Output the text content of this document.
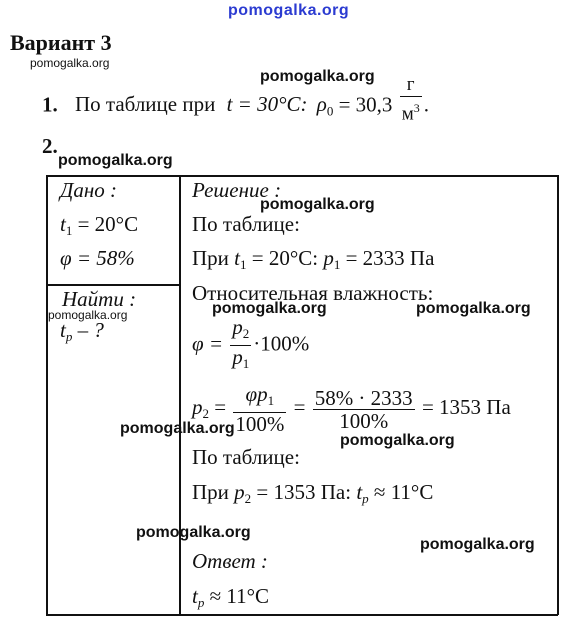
pomogalka.org
Вариант 3
pomogalka.org
pomogalka.org
1. По таблице при t = 30°C: $\rho_0 = 30,3 \frac{г}{м^3}$ .
2.
pomogalka.org
Дано :
$t_1 = 20^\circ C$
φ = 58%
Найти :
pomogalka.org
$t_р$ – ?
Решение :
pomogalka.org
По таблице:
При $t_1 = 20^\circ C$: $p_1 = 2333$ Па
Относительная влажность:
pomogalka.org	pomogalka.org
$\varphi = \frac{p_2}{p_1} \cdot 100\%$
$p_2 = \frac{\varphi p_1}{100\%} = \frac{58\% \cdot 2333}{100\%} = 1353$ Па
pomogalka.org
pomogalka.org
По таблице:
При $p_2 = 1353$ Па: $t_р \approx 11^\circ C$
pomogalka.org
pomogalka.org
Ответ :
$t_р \approx 11^\circ C$
